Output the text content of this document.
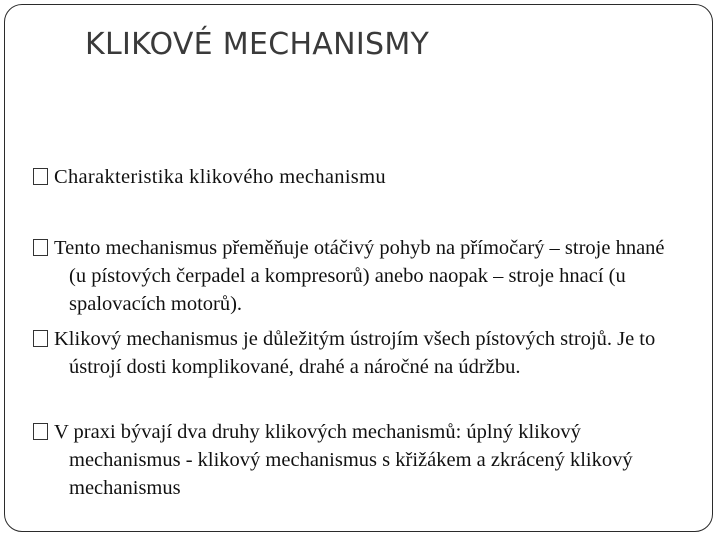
KLIKOVÉ MECHANISMY

Charakteristika klikového mechanismu

Tento mechanismus přeměňuje otáčivý pohyb na přímočarý – stroje hnané (u pístových čerpadel a kompresorů) anebo naopak – stroje hnací (u spalovacích motorů).

Klikový mechanismus je důležitým ústrojím všech pístových strojů. Je to ústrojí dosti komplikované, drahé a náročné na údržbu.

V praxi bývají dva druhy klikových mechanismů: úplný klikový mechanismus - klikový mechanismus s křižákem a zkrácený klikový mechanismus
